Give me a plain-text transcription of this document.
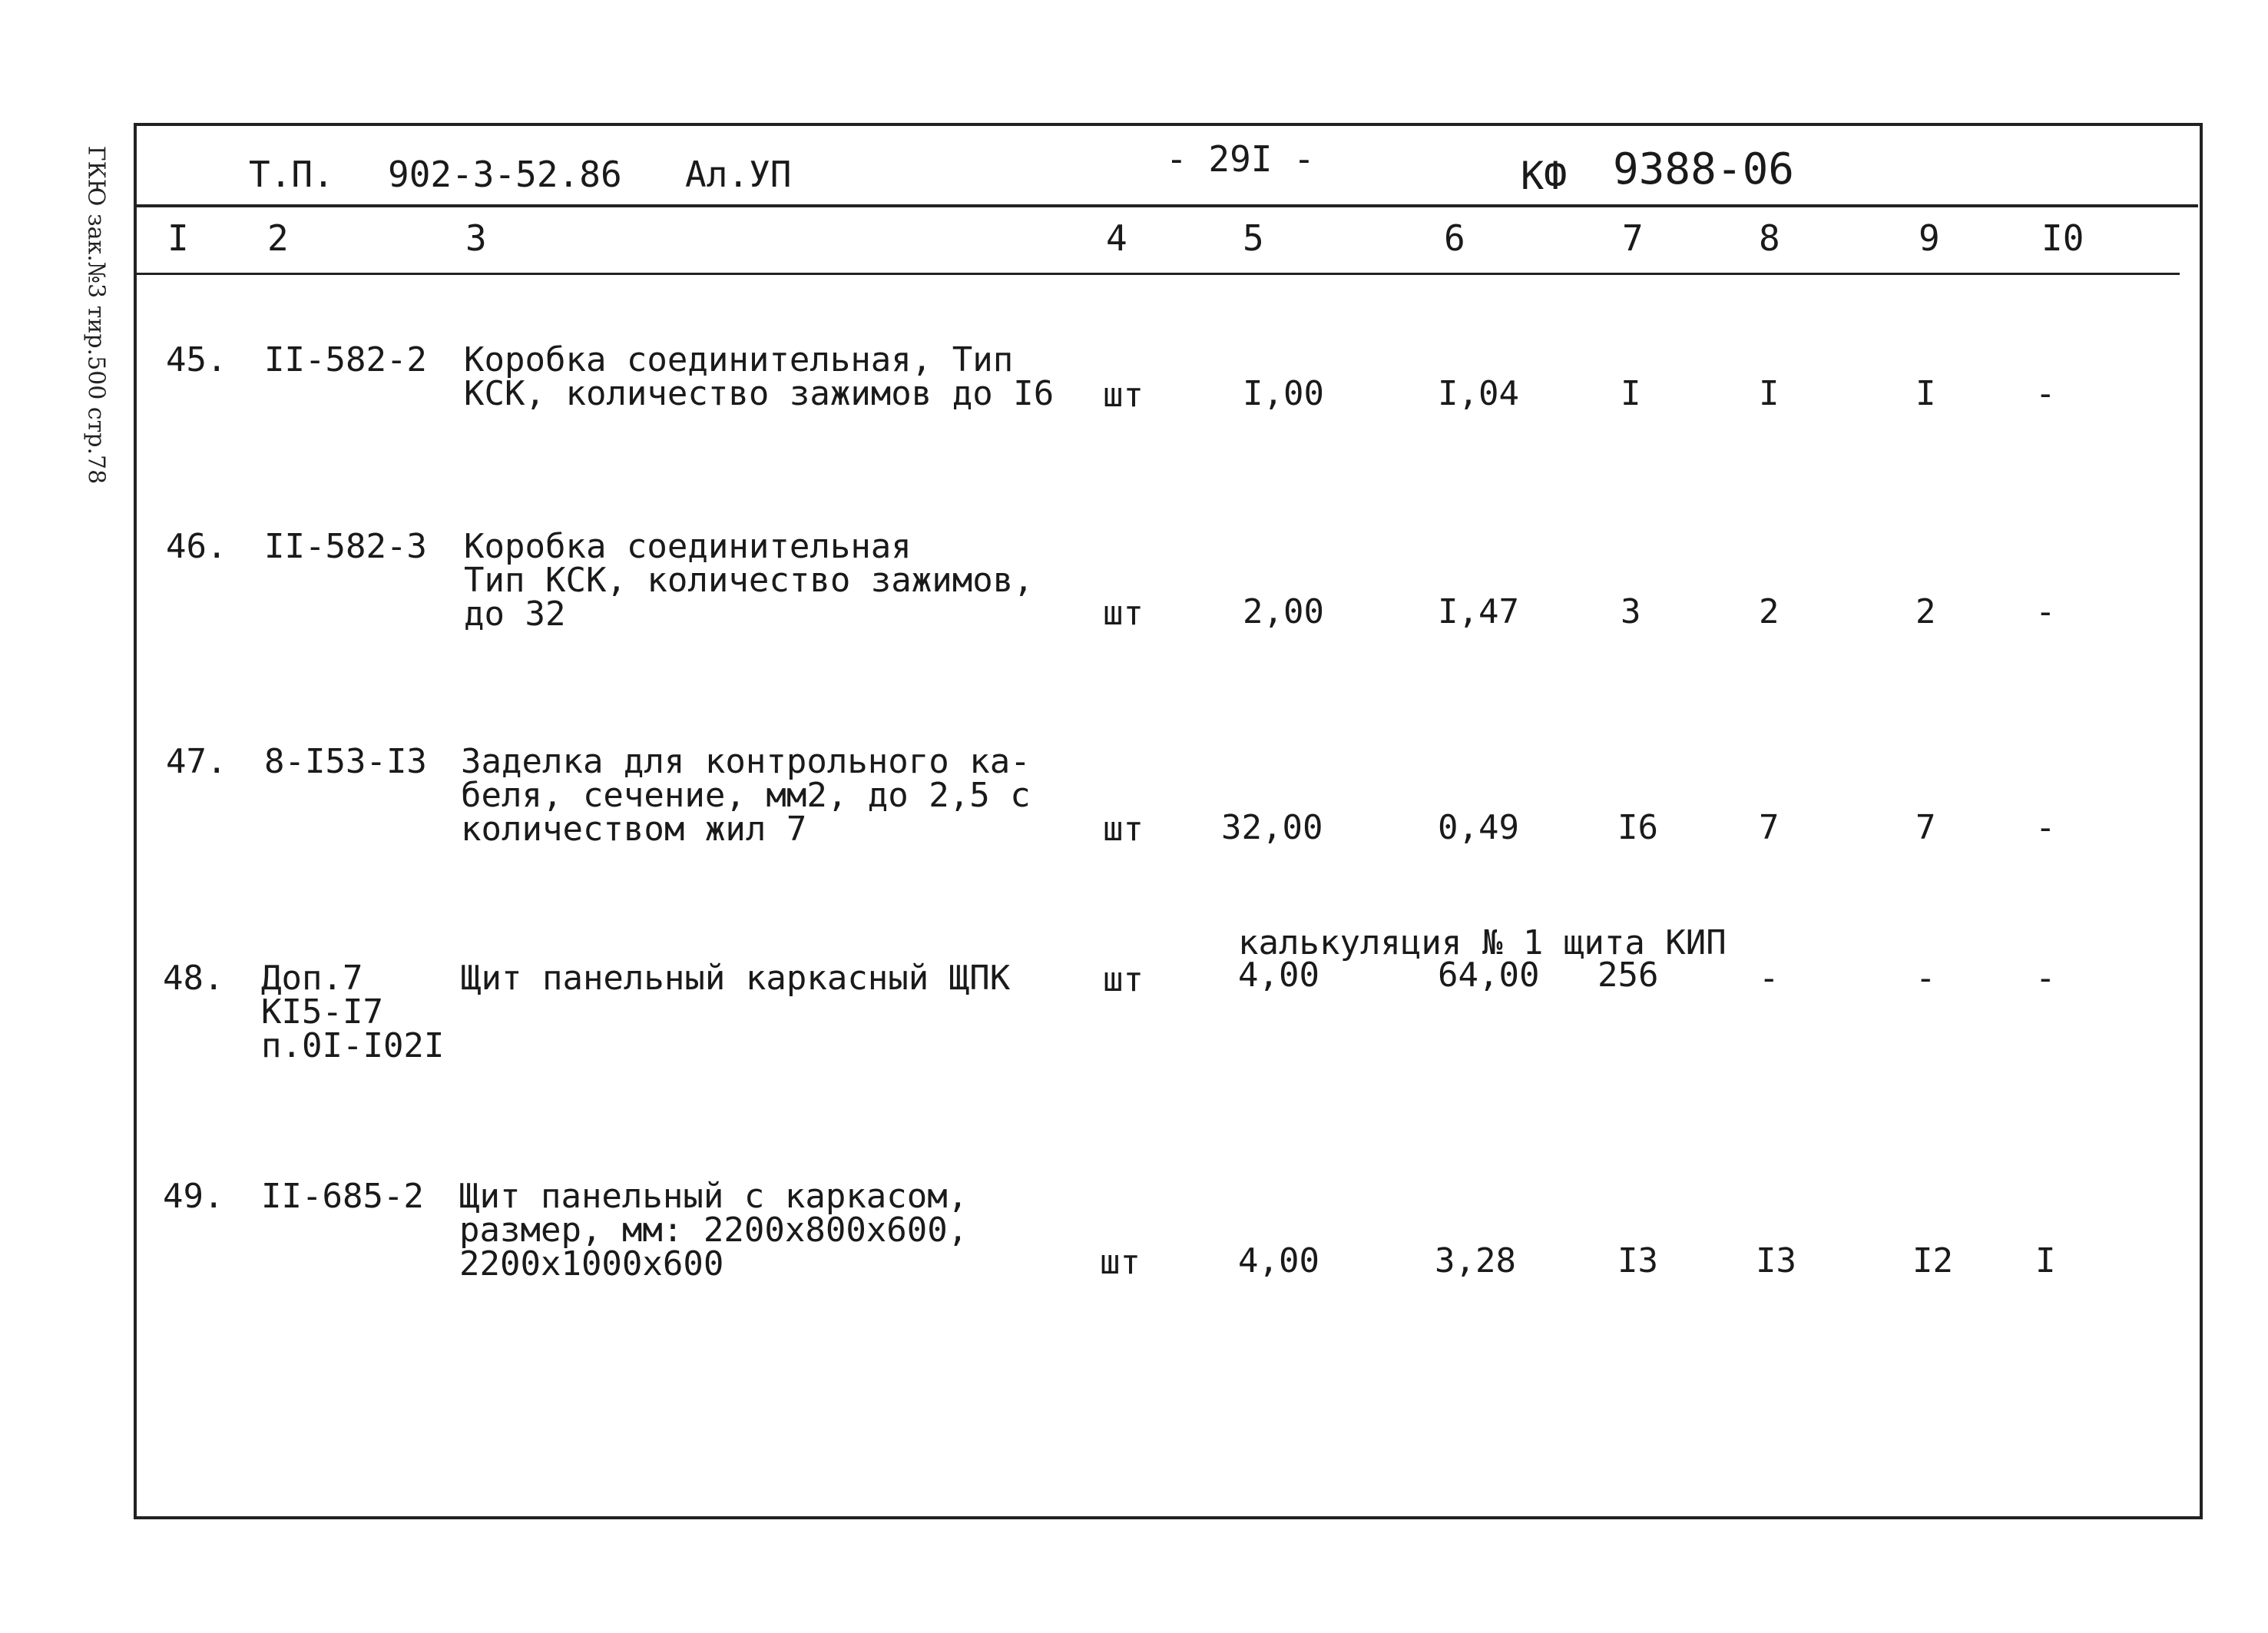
ГКЮ зак.№3 тир.500 стр.78	Т.П. 902-3-52.86 Ал.УП	- 29I -	КФ 9388-06
I 2	3	4	5	6	7	8	9	I0
45. II-582-2 Коробка соединительная, Тип
КСК, количество зажимов до I6 шт	I,00	I,04	I	I	I	-
46. II-582-3 Коробка соединительная
Тип КСК, количество зажимов,
до 32	шт	2,00	I,47	3	2	2	-
47. 8-I53-I3 Заделка для контрольного ка-
беля, сечение, мм2, до 2,5 с
количеством жил 7	шт 32,00	0,49	I6	7	7	-
48. Доп.7
КI5-I7
п.0I-I02I
Щит панельный каркасный ЩПК
калькуляция № 1 щита КИП
шт	4,00	64,00 256	-	-	-
49. II-685-2 Щит панельный с каркасом,
размер, мм: 2200х800х600,
2200х1000х600	шт	4,00	3,28	I3	I3	I2 I
